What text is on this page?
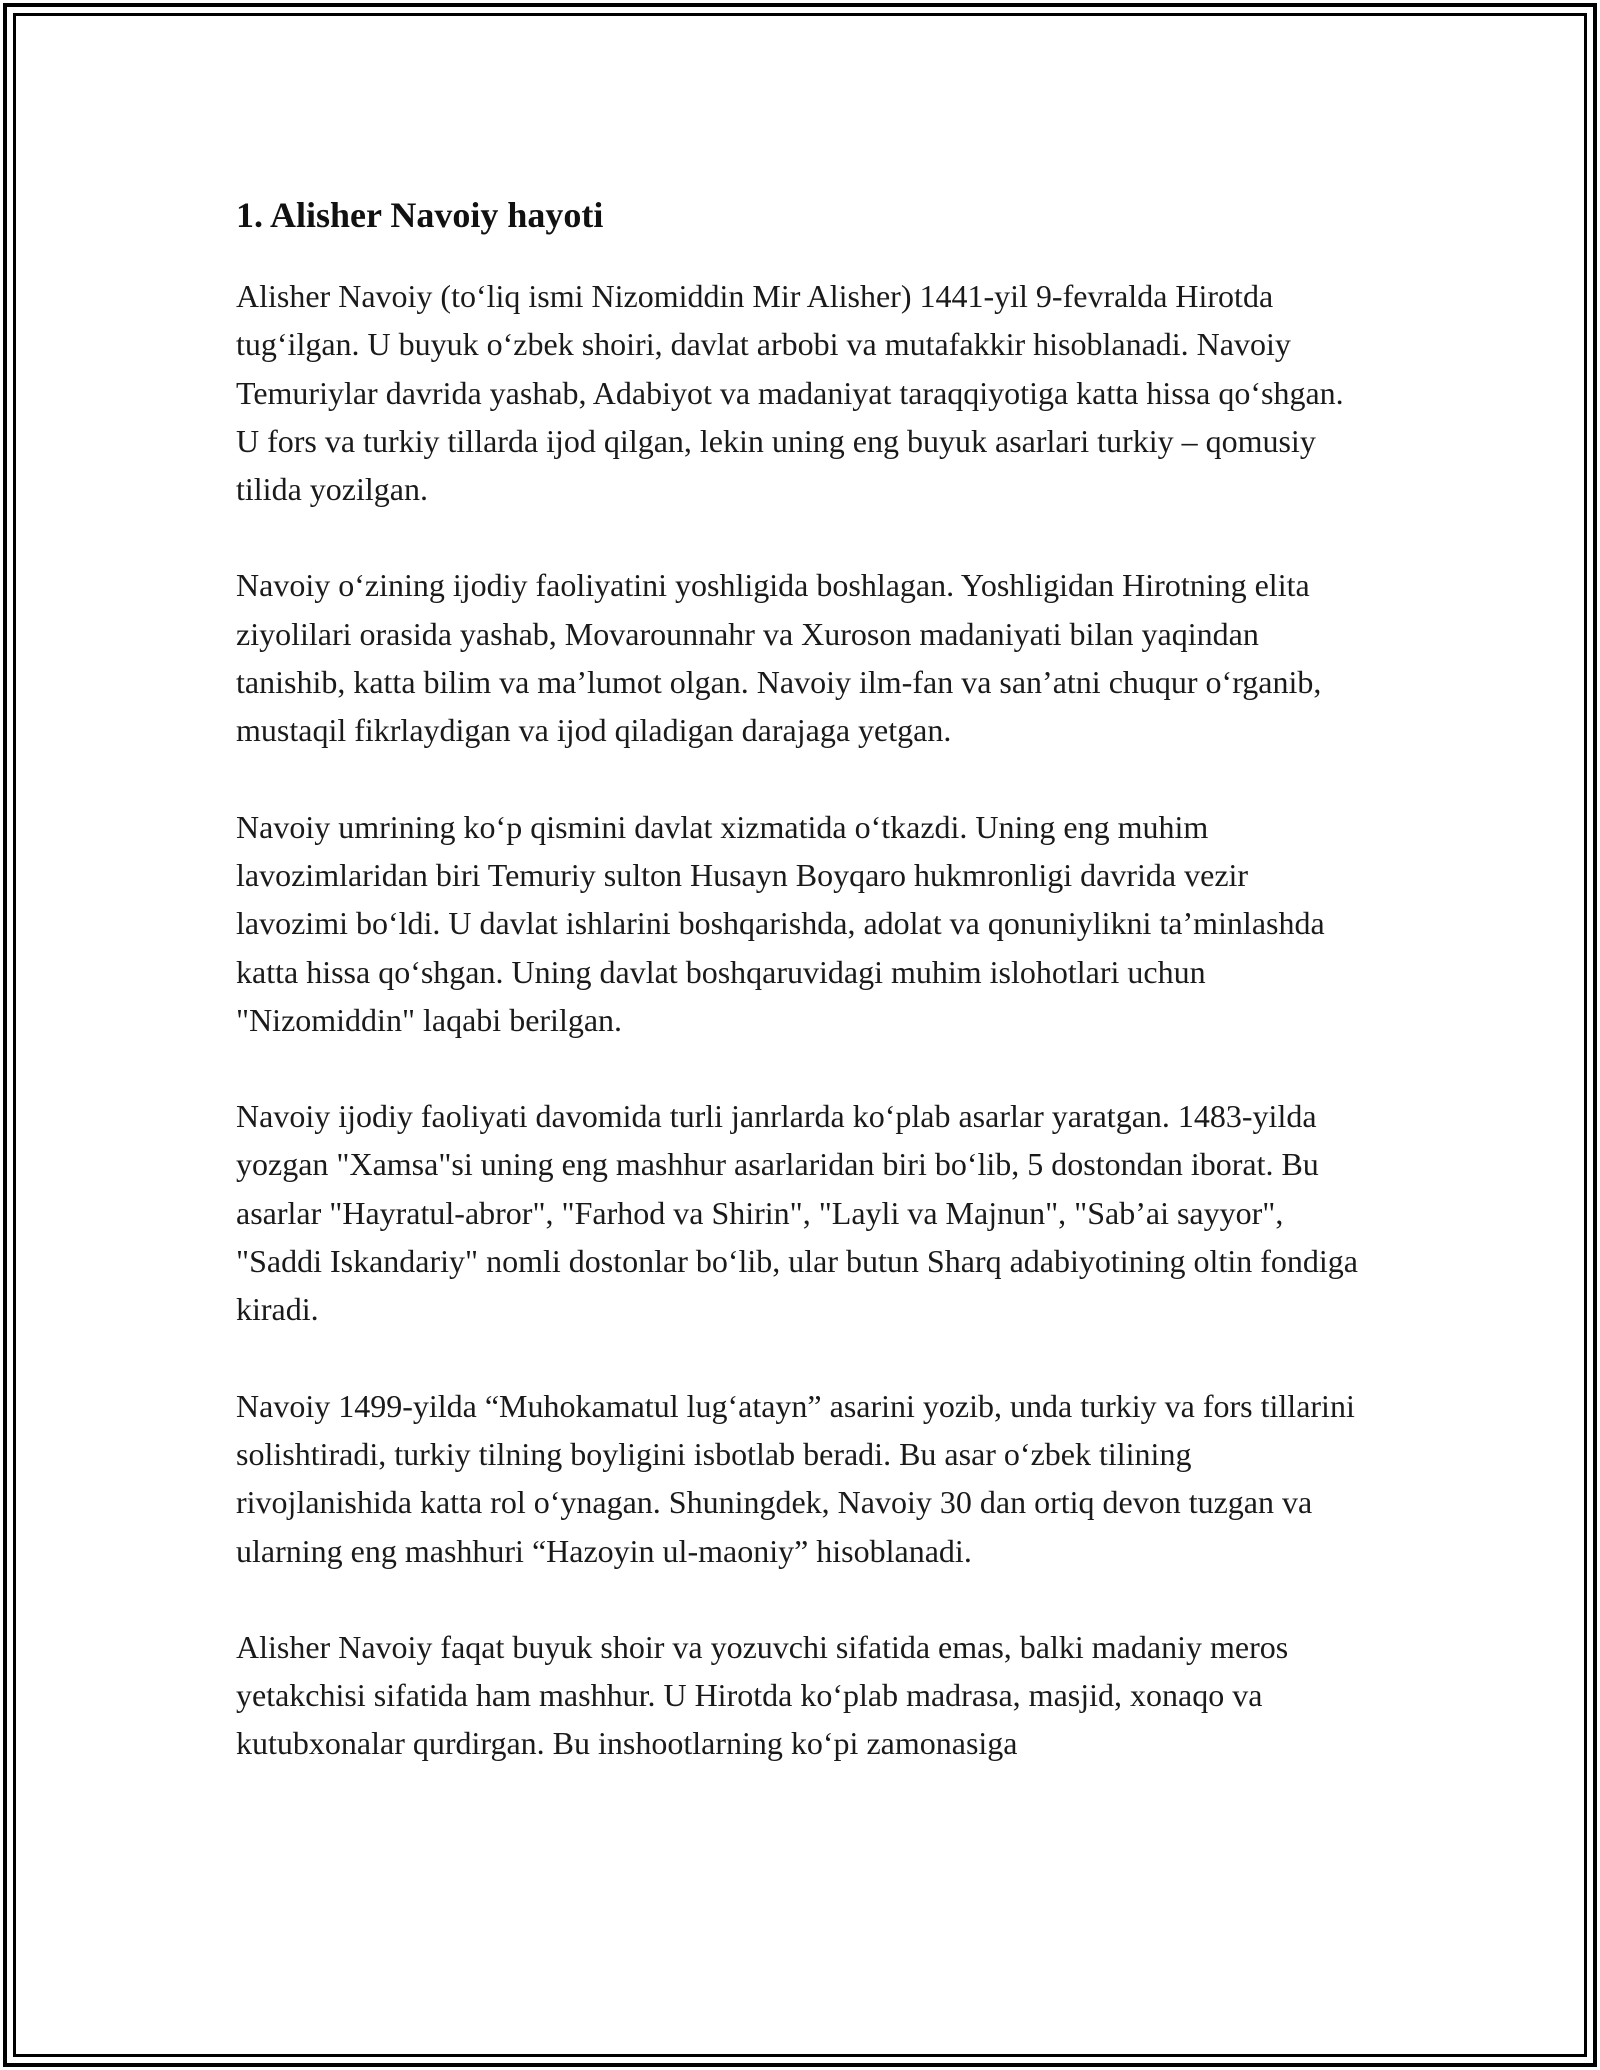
1. Alisher Navoiy hayoti

Alisher Navoiy (to‘liq ismi Nizomiddin Mir Alisher) 1441-yil 9-fevralda Hirotda tug‘ilgan. U buyuk o‘zbek shoiri, davlat arbobi va mutafakkir hisoblanadi. Navoiy Temuriylar davrida yashab, Adabiyot va madaniyat taraqqiyotiga katta hissa qo‘shgan. U fors va turkiy tillarda ijod qilgan, lekin uning eng buyuk asarlari turkiy – qomusiy tilida yozilgan.

Navoiy o‘zining ijodiy faoliyatini yoshligida boshlagan. Yoshligidan Hirotning elita ziyolilari orasida yashab, Movarounnahr va Xuroson madaniyati bilan yaqindan tanishib, katta bilim va ma’lumot olgan. Navoiy ilm-fan va san’atni chuqur o‘rganib, mustaqil fikrlaydigan va ijod qiladigan darajaga yetgan.

Navoiy umrining ko‘p qismini davlat xizmatida o‘tkazdi. Uning eng muhim lavozimlaridan biri Temuriy sulton Husayn Boyqaro hukmronligi davrida vezir lavozimi bo‘ldi. U davlat ishlarini boshqarishda, adolat va qonuniylikni ta’minlashda katta hissa qo‘shgan. Uning davlat boshqaruvidagi muhim islohotlari uchun "Nizomiddin" laqabi berilgan.

Navoiy ijodiy faoliyati davomida turli janrlarda ko‘plab asarlar yaratgan. 1483-yilda yozgan "Xamsa"si uning eng mashhur asarlaridan biri bo‘lib, 5 dostondan iborat. Bu asarlar "Hayratul-abror", "Farhod va Shirin", "Layli va Majnun", "Sab’ai sayyor", "Saddi Iskandariy" nomli dostonlar bo‘lib, ular butun Sharq adabiyotining oltin fondiga kiradi.

Navoiy 1499-yilda “Muhokamatul lug‘atayn” asarini yozib, unda turkiy va fors tillarini solishtiradi, turkiy tilning boyligini isbotlab beradi. Bu asar o‘zbek tilining rivojlanishida katta rol o‘ynagan. Shuningdek, Navoiy 30 dan ortiq devon tuzgan va ularning eng mashhuri “Hazoyin ul-maoniy” hisoblanadi.

Alisher Navoiy faqat buyuk shoir va yozuvchi sifatida emas, balki madaniy meros yetakchisi sifatida ham mashhur. U Hirotda ko‘plab madrasa, masjid, xonaqo va kutubxonalar qurdirgan. Bu inshootlarning ko‘pi zamonasiga
